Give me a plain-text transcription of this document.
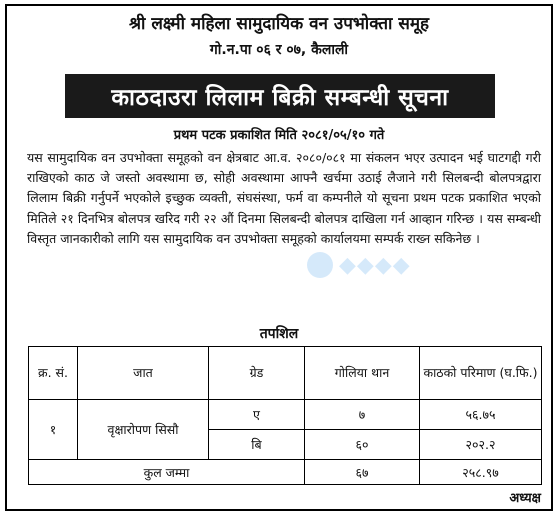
श्री लक्ष्मी महिला सामुदायिक वन उपभोक्ता समूह
गो.न.पा ०६ र ०७, कैलाली
काठदाउरा लिलाम बिक्री सम्बन्धी सूचना
प्रथम पटक प्रकाशित मिति २०८१/०५/१० गते
यस सामुदायिक वन उपभोक्ता समूहको वन क्षेत्रबाट आ.व. २०८०/०८१ मा संकलन भएर उत्पादन भई घाटगद्दी गरी राखिएको काठ जे जस्तो अवस्थामा छ, सोही अवस्थामा आफ्नै खर्चमा उठाई लैजाने गरी सिलबन्दी बोलपत्रद्वारा लिलाम बिक्री गर्नुपर्ने भएकोले इच्छुक व्यक्ती, संघसंस्था, फर्म वा कम्पनीले यो सूचना प्रथम पटक प्रकाशित भएको मितिले २१ दिनभित्र बोलपत्र खरिद गरी २२ औं दिनमा सिलबन्दी बोलपत्र दाखिला गर्न आव्हान गरिन्छ । यस सम्बन्धी विस्तृत जानकारीको लागि यस सामुदायिक वन उपभोक्ता समूहको कार्यालयमा सम्पर्क राख्न सकिनेछ ।
◆◆◆◆
तपशिल
क्र. सं.	जात	ग्रेड	गोलिया थान	काठको परिमाण (घ.फि.)
१	वृक्षारोपण सिसौ	ए	७	५६.७५
		बि	६०	२०२.२
कुल जम्मा			६७	२५८.९७
अध्यक्ष
